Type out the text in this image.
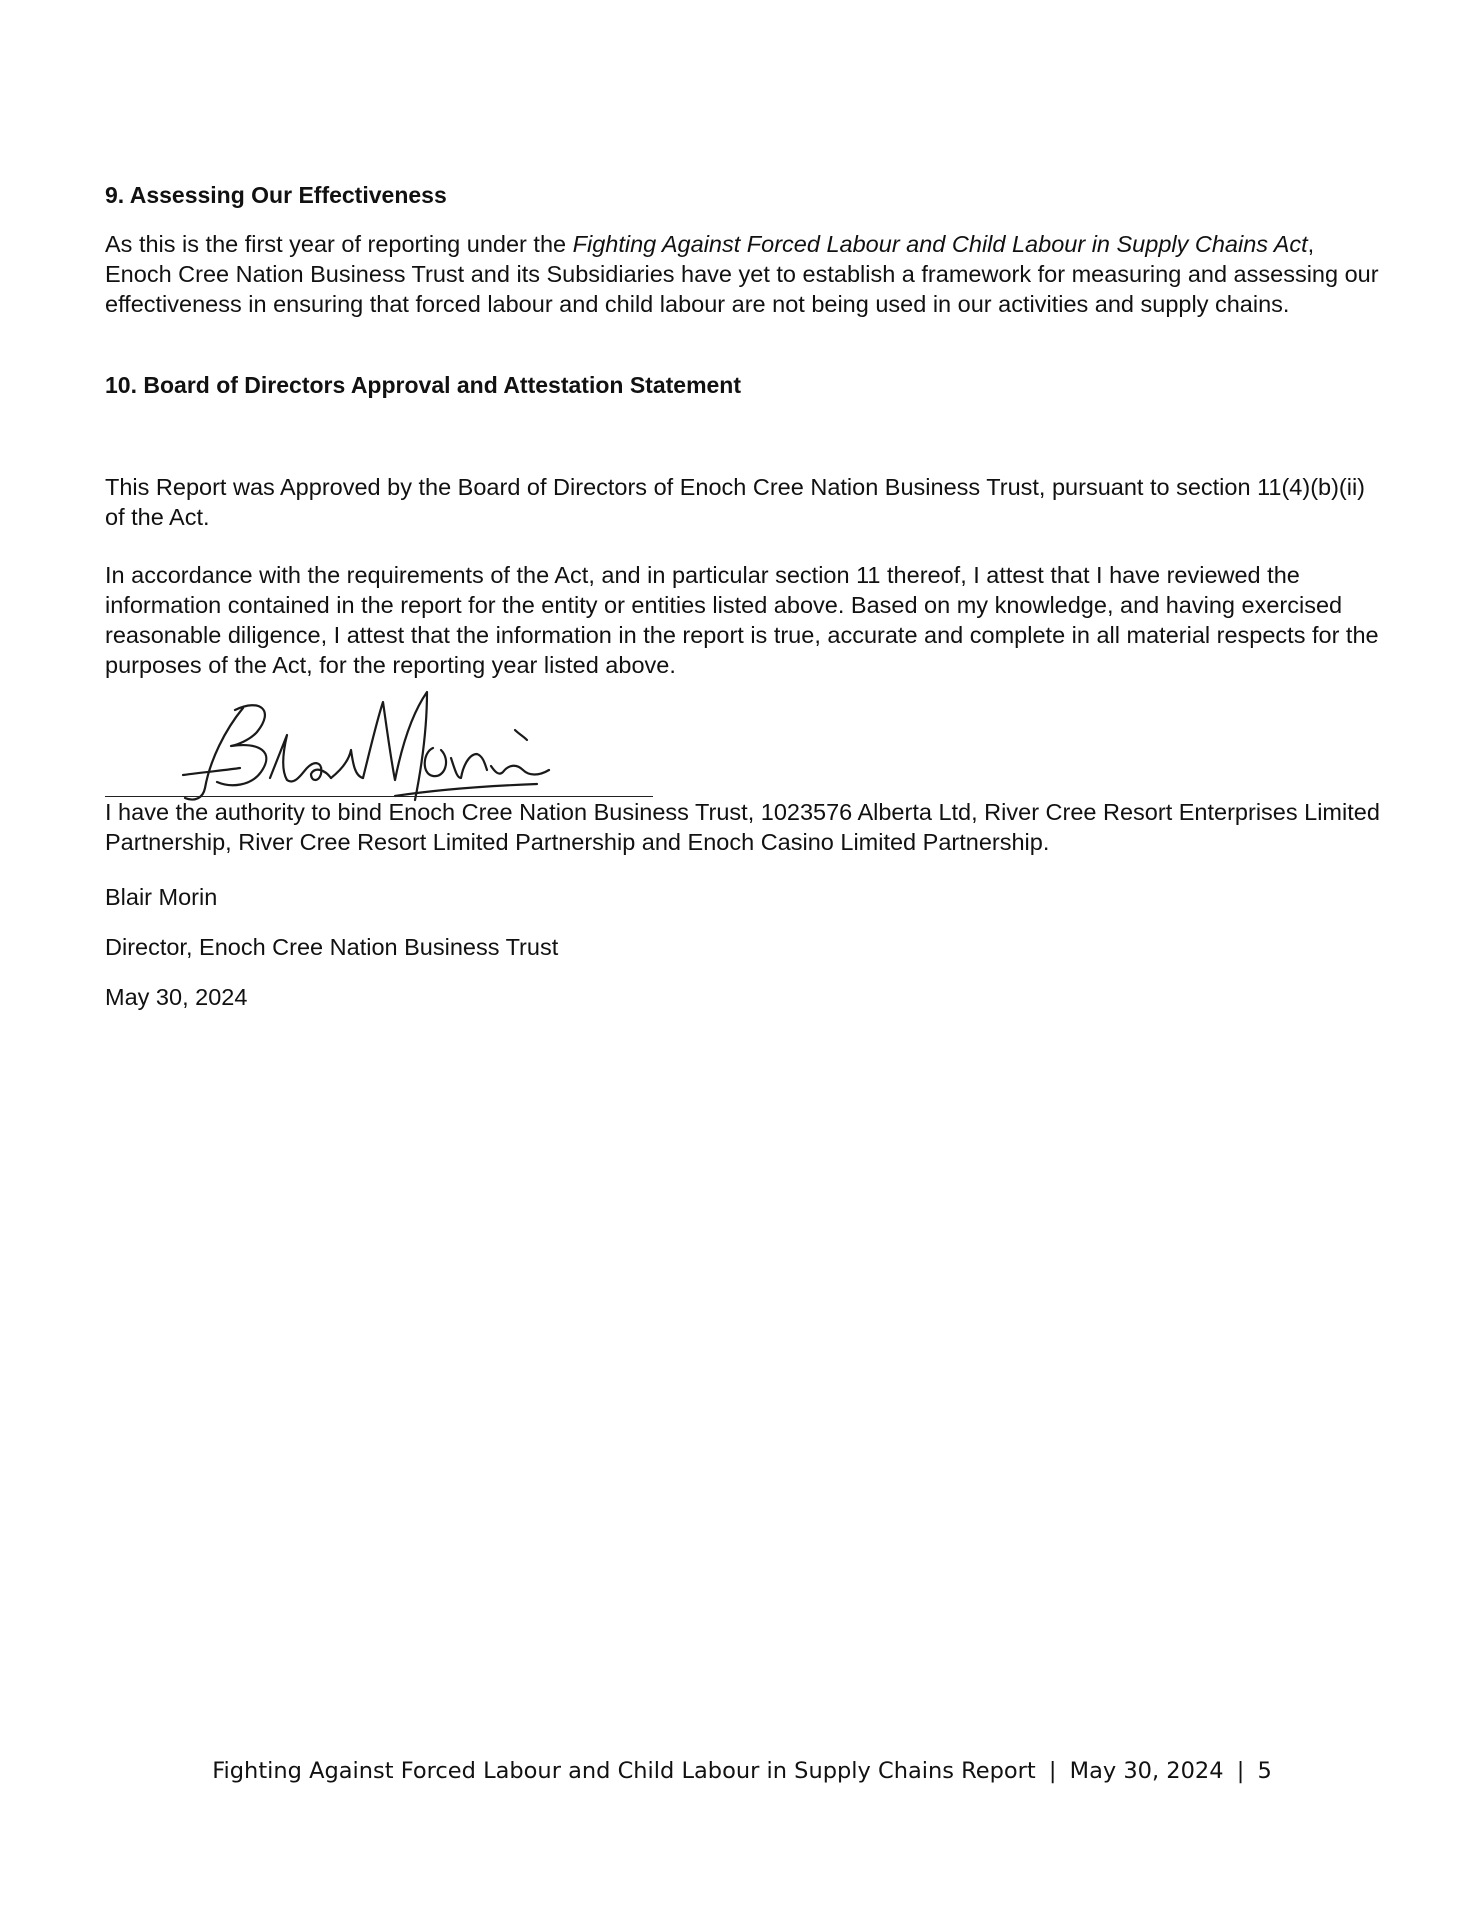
9. Assessing Our Effectiveness

As this is the first year of reporting under the Fighting Against Forced Labour and Child Labour in Supply Chains Act, Enoch Cree Nation Business Trust and its Subsidiaries have yet to establish a framework for measuring and assessing our effectiveness in ensuring that forced labour and child labour are not being used in our activities and supply chains.

10. Board of Directors Approval and Attestation Statement

This Report was Approved by the Board of Directors of Enoch Cree Nation Business Trust, pursuant to section 11(4)(b)(ii) of the Act.

In accordance with the requirements of the Act, and in particular section 11 thereof, I attest that I have reviewed the information contained in the report for the entity or entities listed above. Based on my knowledge, and having exercised reasonable diligence, I attest that the information in the report is true, accurate and complete in all material respects for the purposes of the Act, for the reporting year listed above.

I have the authority to bind Enoch Cree Nation Business Trust, 1023576 Alberta Ltd, River Cree Resort Enterprises Limited Partnership, River Cree Resort Limited Partnership and Enoch Casino Limited Partnership.

Blair Morin

Director, Enoch Cree Nation Business Trust

May 30, 2024

Fighting Against Forced Labour and Child Labour in Supply Chains Report | May 30, 2024 | 5
